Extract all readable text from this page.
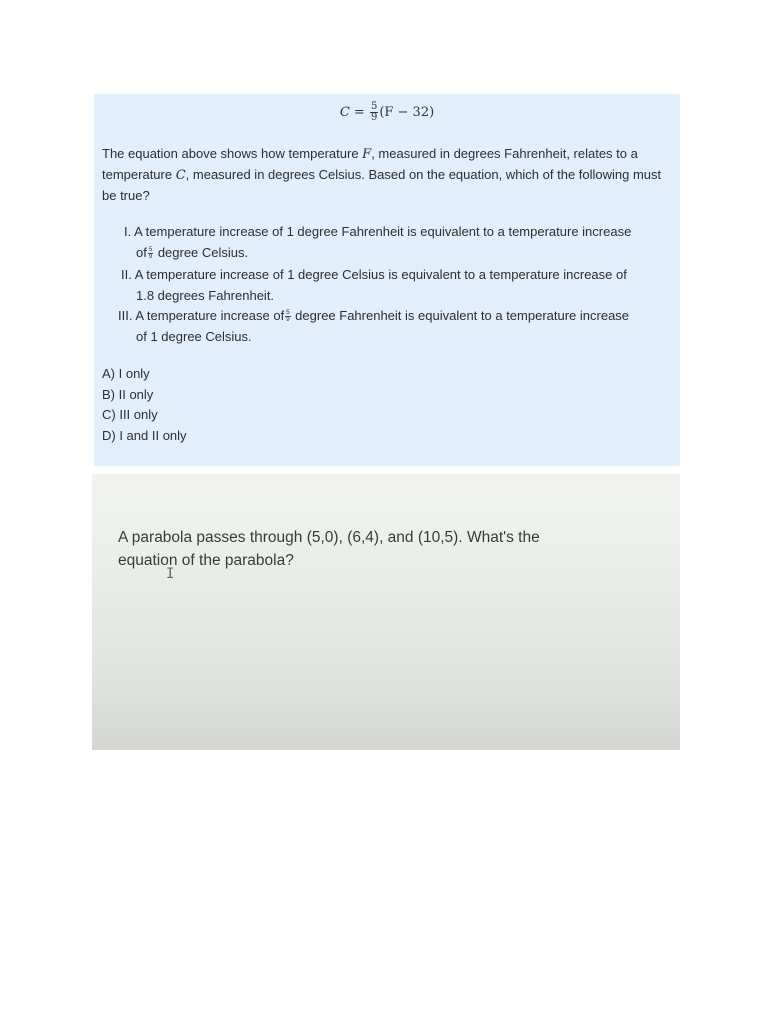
$C = \frac{5}{9} (F - 32)$
The equation above shows how temperature F, measured in degrees Fahrenheit, relates to a temperature C, measured in degrees Celsius. Based on the equation, which of the following must be true?
I. A temperature increase of 1 degree Fahrenheit is equivalent to a temperature increase
of $\frac{5}{9}$ degree Celsius.
II. A temperature increase of 1 degree Celsius is equivalent to a temperature increase of
1.8 degrees Fahrenheit.
III. A temperature increase of $\frac{5}{9}$ degree Fahrenheit is equivalent to a temperature increase
of 1 degree Celsius.
A) I only
B) II only
C) III only
D) I and II only
A parabola passes through (5,0), (6,4), and (10,5). What's the equation of the parabola?
I
